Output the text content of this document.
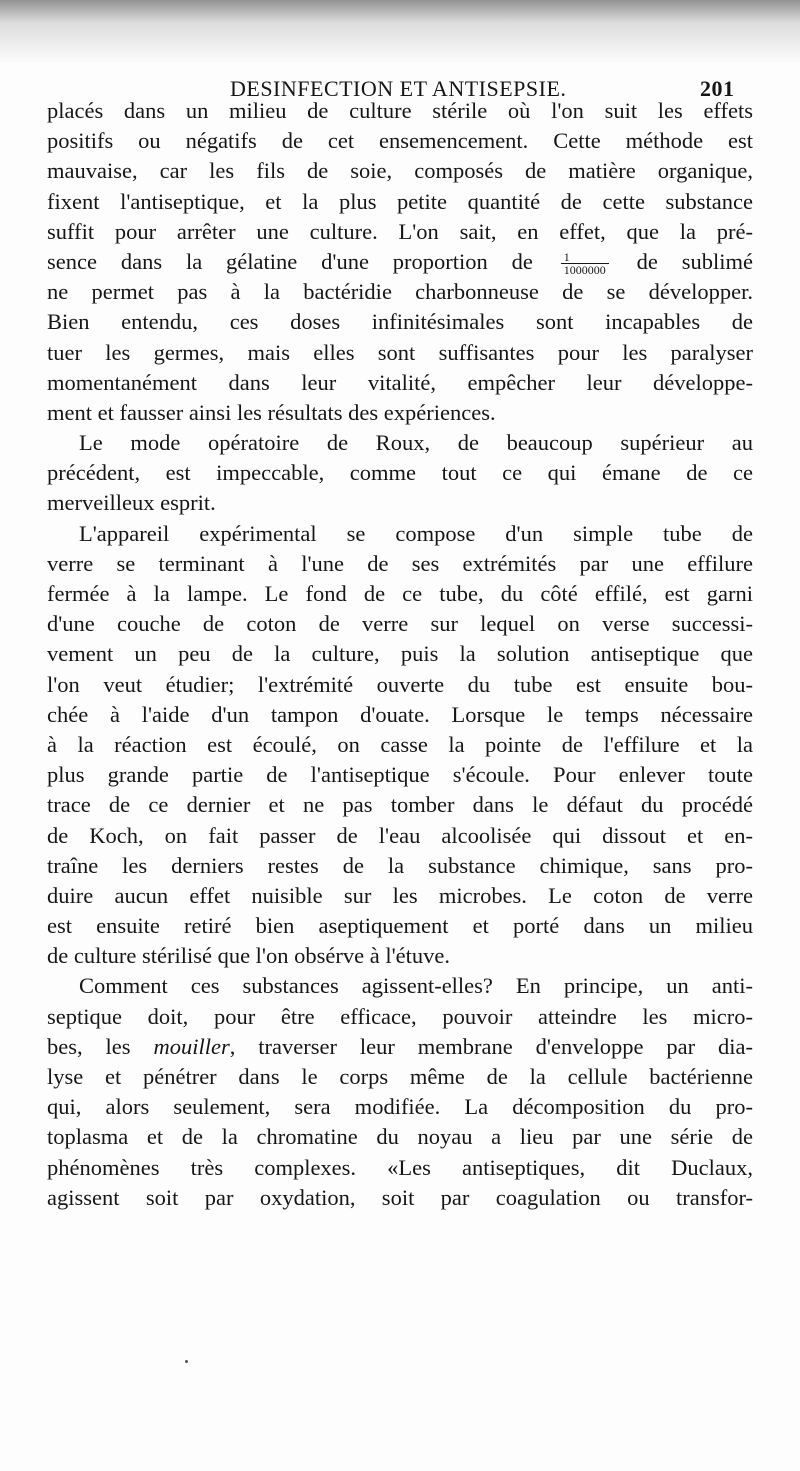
DESINFECTION ET ANTISEPSIE.	201
placés dans un milieu de culture stérile où l'on suit les effets
positifs ou négatifs de cet ensemencement. Cette méthode est
mauvaise, car les fils de soie, composés de matière organique,
fixent l'antiseptique, et la plus petite quantité de cette substance
suffit pour arrêter une culture. L'on sait, en effet, que la pré-
sence dans la gélatine d'une proportion de $\frac{1}{1000000}$ de sublimé
ne permet pas à la bactéridie charbonneuse de se développer.
Bien entendu, ces doses infinitésimales sont incapables de
tuer les germes, mais elles sont suffisantes pour les paralyser
momentanément dans leur vitalité, empêcher leur développe-
ment et fausser ainsi les résultats des expériences.
Le mode opératoire de Roux, de beaucoup supérieur au
précédent, est impeccable, comme tout ce qui émane de ce
merveilleux esprit.
L'appareil expérimental se compose d'un simple tube de
verre se terminant à l'une de ses extrémités par une effilure
fermée à la lampe. Le fond de ce tube, du côté effilé, est garni
d'une couche de coton de verre sur lequel on verse successi-
vement un peu de la culture, puis la solution antiseptique que
l'on veut étudier; l'extrémité ouverte du tube est ensuite bou-
chée à l'aide d'un tampon d'ouate. Lorsque le temps nécessaire
à la réaction est écoulé, on casse la pointe de l'effilure et la
plus grande partie de l'antiseptique s'écoule. Pour enlever toute
trace de ce dernier et ne pas tomber dans le défaut du procédé
de Koch, on fait passer de l'eau alcoolisée qui dissout et en-
traîne les derniers restes de la substance chimique, sans pro-
duire aucun effet nuisible sur les microbes. Le coton de verre
est ensuite retiré bien aseptiquement et porté dans un milieu
de culture stérilisé que l'on obsérve à l'étuve.
Comment ces substances agissent-elles? En principe, un anti-
septique doit, pour être efficace, pouvoir atteindre les micro-
bes, les mouiller, traverser leur membrane d'enveloppe par dia-
lyse et pénétrer dans le corps même de la cellule bactérienne
qui, alors seulement, sera modifiée. La décomposition du pro-
toplasma et de la chromatine du noyau a lieu par une série de
phénomènes très complexes. «Les antiseptiques, dit Duclaux,
agissent soit par oxydation, soit par coagulation ou transfor-
